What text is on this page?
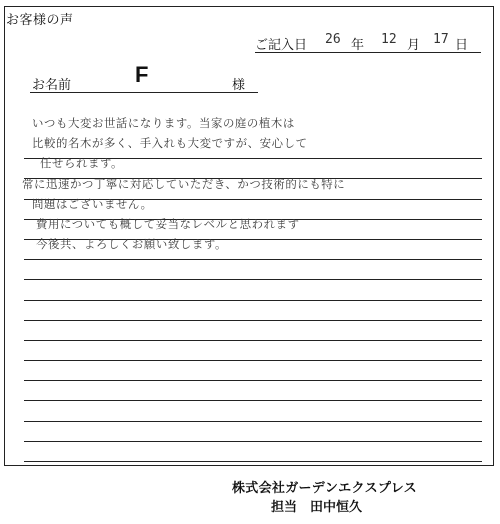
お客様の声
ご記入日 26 年 12 月 17 日
お名前	F	様
いつも大変お世話になります。当家の庭の植木は
比較的名木が多く、手入れも大変ですが、安心して
任せられます。
常に迅速かつ丁寧に対応していただき、かつ技術的にも特に
問題はございません。
費用についても概して妥当なレベルと思われます
今後共、よろしくお願い致します。
株式会社ガーデンエクスプレス
担当　田中恒久
